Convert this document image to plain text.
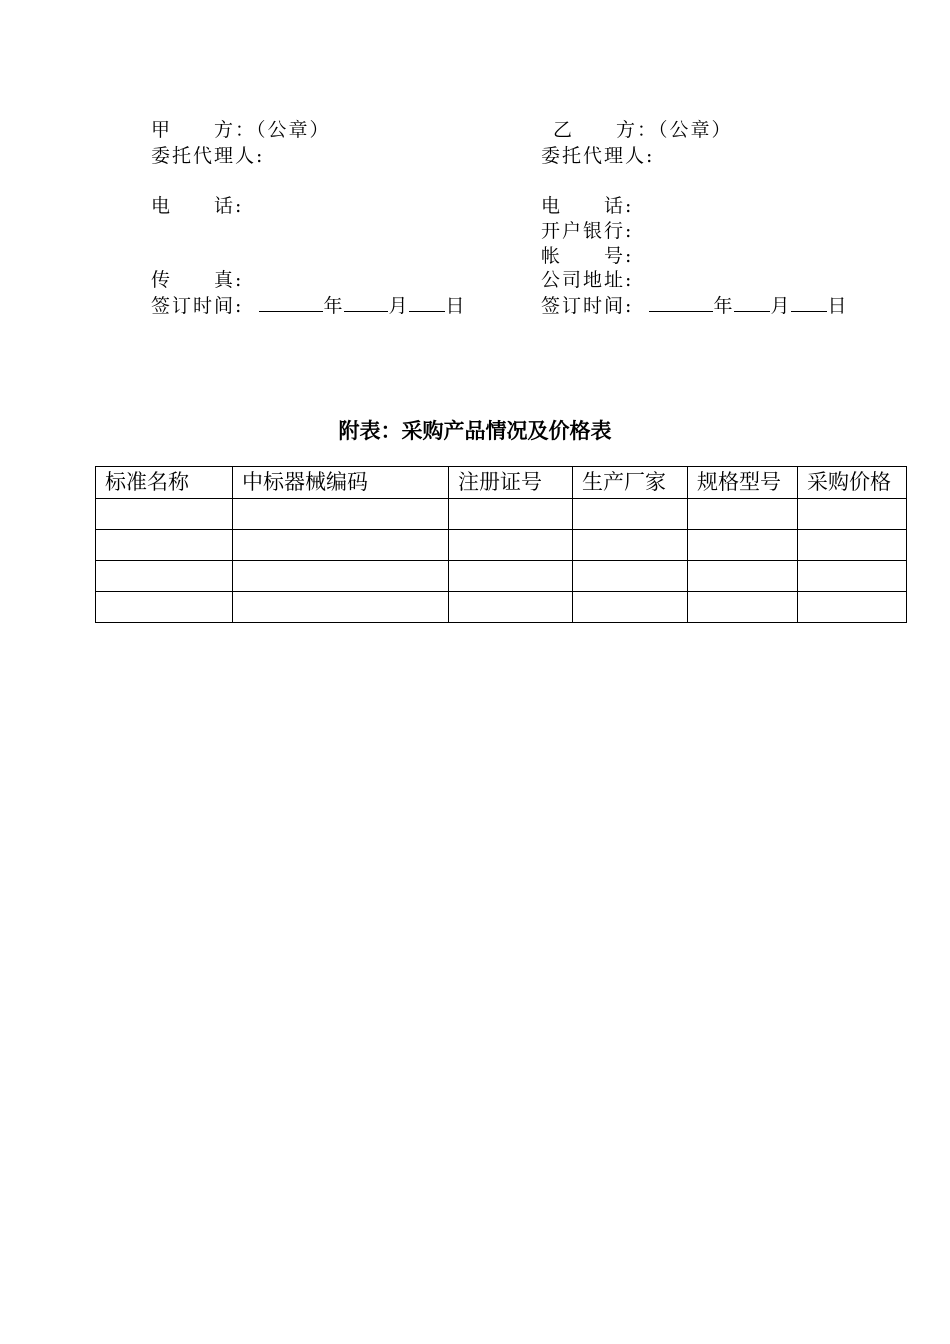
甲　　方：（公章）
委托代理人:
电　　话:
传　　真:
签订时间:	年 月 日
乙　　方：（公章）
委托代理人:
电　　话:
开户银行:
帐　　号:
公司地址:
签订时间:	年 月 日
附表：采购产品情况及价格表
标准名称	中标器械编码	注册证号	生产厂家	规格型号	采购价格
